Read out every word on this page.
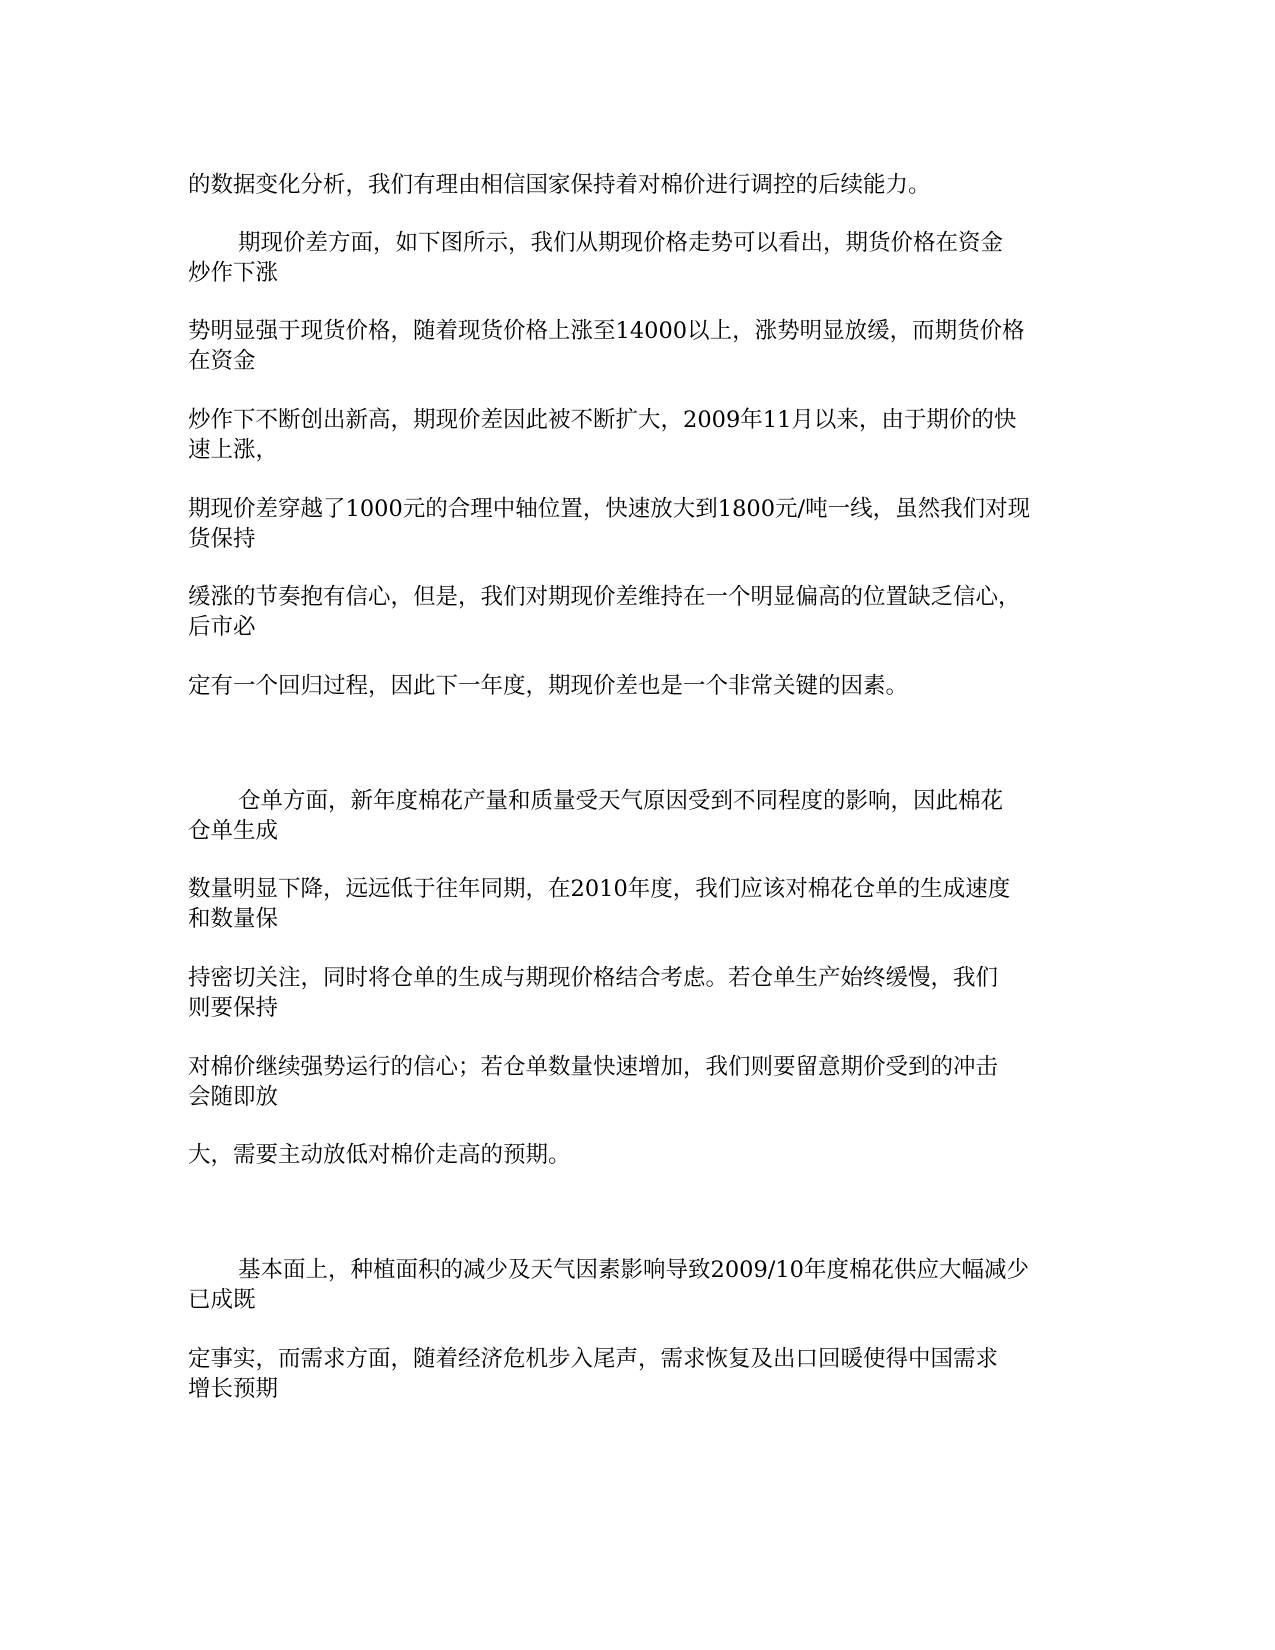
的数据变化分析，我们有理由相信国家保持着对棉价进行调控的后续能力。
期现价差方面，如下图所示，我们从期现价格走势可以看出，期货价格在资金
炒作下涨
势明显强于现货价格，随着现货价格上涨至14000以上，涨势明显放缓，而期货价格
在资金
炒作下不断创出新高，期现价差因此被不断扩大，2009年11月以来，由于期价的快
速上涨，
期现价差穿越了1000元的合理中轴位置，快速放大到1800元/吨一线，虽然我们对现
货保持
缓涨的节奏抱有信心，但是，我们对期现价差维持在一个明显偏高的位置缺乏信心，
后市必
定有一个回归过程，因此下一年度，期现价差也是一个非常关键的因素。
仓单方面，新年度棉花产量和质量受天气原因受到不同程度的影响，因此棉花
仓单生成
数量明显下降，远远低于往年同期，在2010年度，我们应该对棉花仓单的生成速度
和数量保
持密切关注，同时将仓单的生成与期现价格结合考虑。若仓单生产始终缓慢，我们
则要保持
对棉价继续强势运行的信心；若仓单数量快速增加，我们则要留意期价受到的冲击
会随即放
大，需要主动放低对棉价走高的预期。
基本面上，种植面积的减少及天气因素影响导致2009/10年度棉花供应大幅减少
已成既
定事实，而需求方面，随着经济危机步入尾声，需求恢复及出口回暖使得中国需求
增长预期
